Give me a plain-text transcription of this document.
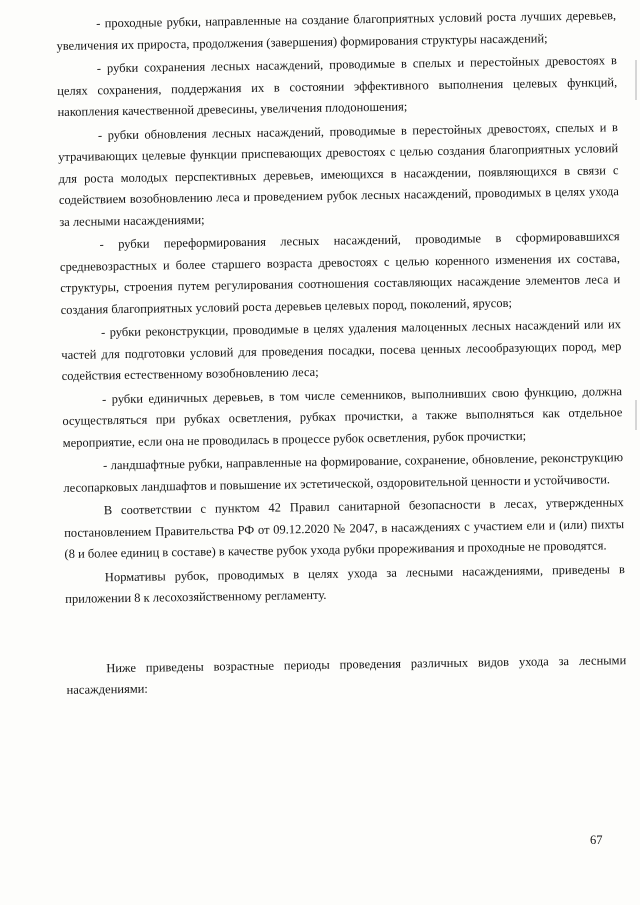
- проходные рубки, направленные на создание благоприятных условий роста лучших деревьев, увеличения их прироста, продолжения (завершения) формирования структуры насаждений;

- рубки сохранения лесных насаждений, проводимые в спелых и перестойных древостоях в целях сохранения, поддержания их в состоянии эффективного выполнения целевых функций, накопления качественной древесины, увеличения плодоношения;

- рубки обновления лесных насаждений, проводимые в перестойных древостоях, спелых и в утрачивающих целевые функции приспевающих древостоях с целью создания благоприятных условий для роста молодых перспективных деревьев, имеющихся в насаждении, появляющихся в связи с содействием возобновлению леса и проведением рубок лесных насаждений, проводимых в целях ухода за лесными насаждениями;

- рубки переформирования лесных насаждений, проводимые в сформировавшихся средневозрастных и более старшего возраста древостоях с целью коренного изменения их состава, структуры, строения путем регулирования соотношения составляющих насаждение элементов леса и создания благоприятных условий роста деревьев целевых пород, поколений, ярусов;

- рубки реконструкции, проводимые в целях удаления малоценных лесных насаждений или их частей для подготовки условий для проведения посадки, посева ценных лесообразующих пород, мер содействия естественному возобновлению леса;

- рубки единичных деревьев, в том числе семенников, выполнивших свою функцию, должна осуществляться при рубках осветления, рубках прочистки, а также выполняться как отдельное мероприятие, если она не проводилась в процессе рубок осветления, рубок прочистки;

- ландшафтные рубки, направленные на формирование, сохранение, обновление, реконструкцию лесопарковых ландшафтов и повышение их эстетической, оздоровительной ценности и устойчивости.

В соответствии с пунктом 42 Правил санитарной безопасности в лесах, утвержденных постановлением Правительства РФ от 09.12.2020 № 2047, в насаждениях с участием ели и (или) пихты (8 и более единиц в составе) в качестве рубок ухода рубки прореживания и проходные не проводятся.

Нормативы рубок, проводимых в целях ухода за лесными насаждениями, приведены в приложении 8 к лесохозяйственному регламенту.

Ниже приведены возрастные периоды проведения различных видов ухода за лесными насаждениями:

67
